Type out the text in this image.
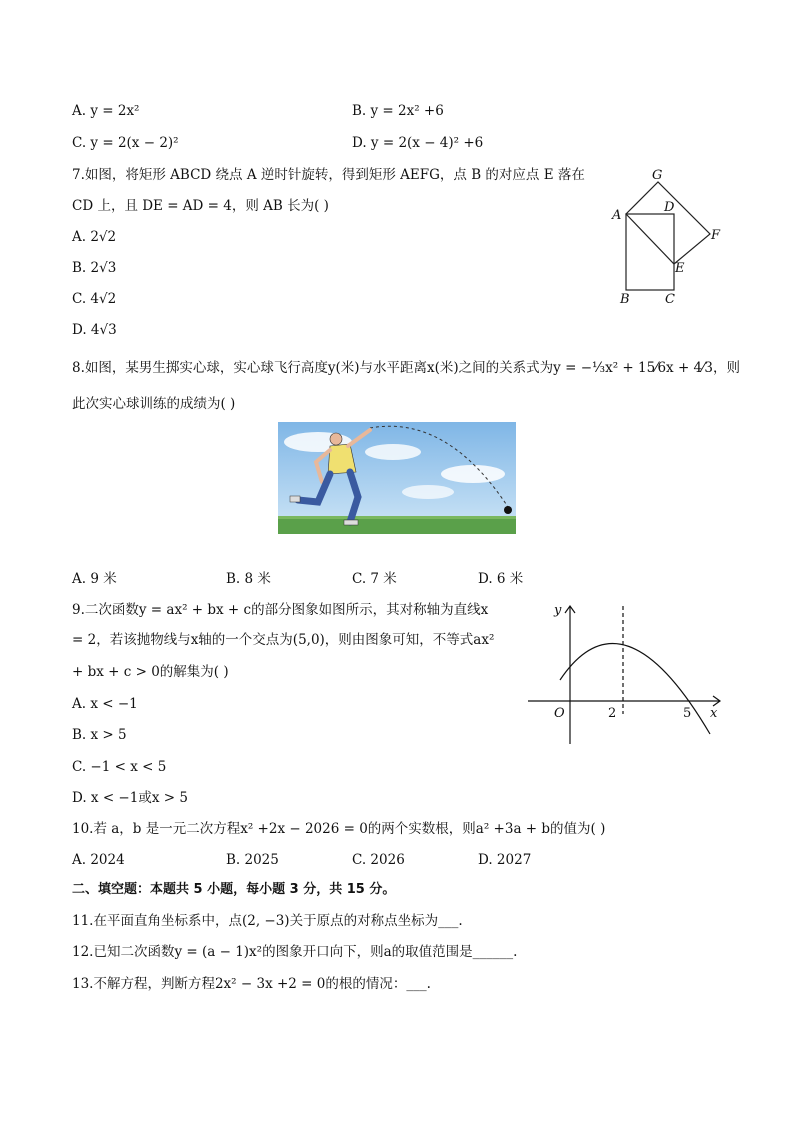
A. y = 2x²	B. y = 2x² +6
C. y = 2(x − 2)²	D. y = 2(x − 4)² +6
7.如图，将矩形 ABCD 绕点 A 逆时针旋转，得到矩形 AEFG，点 B 的对应点 E 落在
CD 上，且 DE = AD = 4，则 AB 长为( )
A. 2√2
B. 2√3
C. 4√2
D. 4√3
G
A
D
F
E
B	C
8.如图，某男生掷实心球，实心球飞行高度y(米)与水平距离x(米)之间的关系式为y = −⅓x² + 15⁄6x + 4⁄3，则
此次实心球训练的成绩为( )
A. 9 米	B. 8 米	C. 7 米	D. 6 米
9.二次函数y = ax² + bx + c的部分图象如图所示，其对称轴为直线x
= 2，若该抛物线与x轴的一个交点为(5,0)，则由图象可知，不等式ax²
+ bx + c > 0的解集为( )
A. x < −1
B. x > 5
C. −1 < x < 5
D. x < −1或x > 5
y
x
O	2	5
10.若 a，b 是一元二次方程x² +2x − 2026 = 0的两个实数根，则a² +3a + b的值为( )
A. 2024	B. 2025	C. 2026	D. 2027
二、填空题：本题共 5 小题，每小题 3 分，共 15 分。
11.在平面直角坐标系中，点(2, −3)关于原点的对称点坐标为___.
12.已知二次函数y = (a − 1)x²的图象开口向下，则a的取值范围是______.
13.不解方程，判断方程2x² − 3x +2 = 0的根的情况：___.
